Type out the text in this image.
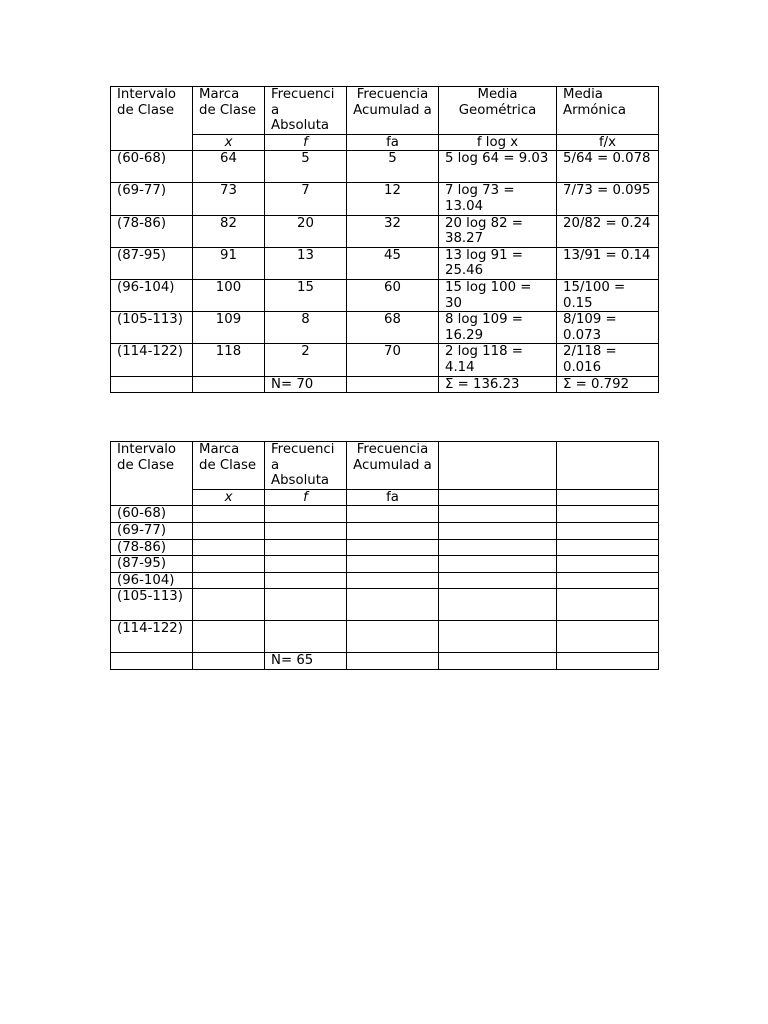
Intervalo de Clase	Marca de Clase	Frecuenci a Absoluta	Frecuencia Acumulad a	Media Geométrica	Media Armónica
	x	f	fa	f log x	f/x
(60-68)	64	5	5	5 log 64 = 9.03	5/64 = 0.078
(69-77)	73	7	12	7 log 73 = 13.04	7/73 = 0.095
(78-86)	82	20	32	20 log 82 = 38.27	20/82 = 0.24
(87-95)	91	13	45	13 log 91 = 25.46	13/91 = 0.14
(96-104)	100	15	60	15 log 100 = 30	15/100 = 0.15
(105-113)	109	8	68	8 log 109 = 16.29	8/109 = 0.073
(114-122)	118	2	70	2 log 118 = 4.14	2/118 = 0.016
		N= 70		Σ = 136.23	Σ = 0.792
Intervalo de Clase	Marca de Clase	Frecuenci a Absoluta	Frecuencia Acumulad a		
	x	f	fa		
(60-68)					
(69-77)					
(78-86)					
(87-95)					
(96-104)					
(105-113)					
(114-122)					
		N= 65			
